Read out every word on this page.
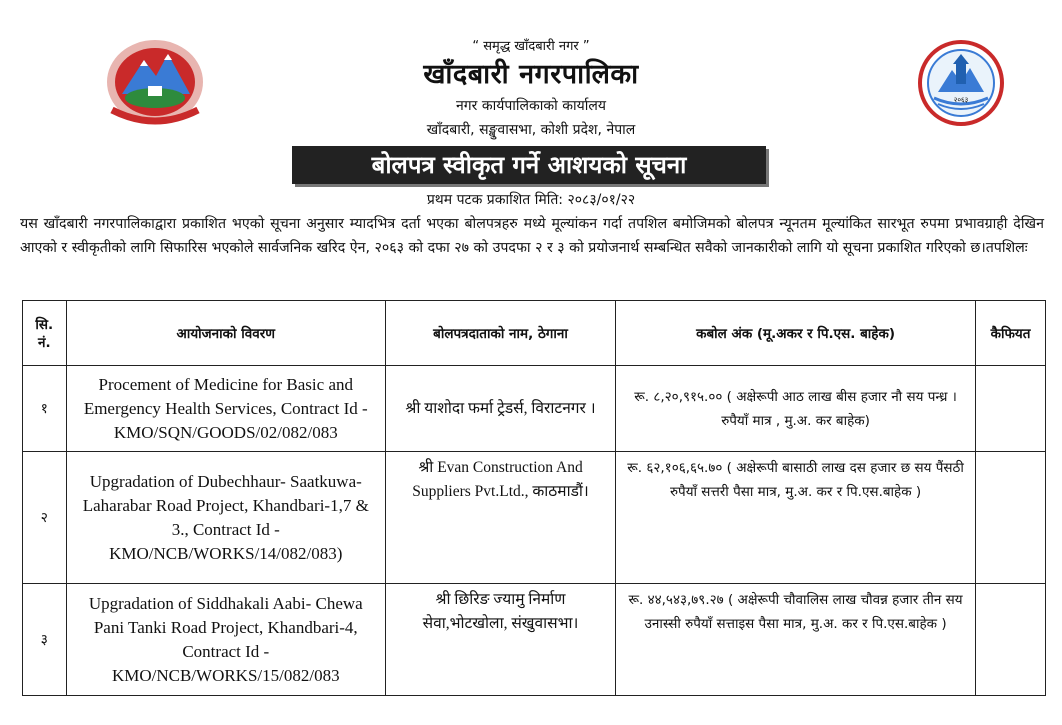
२०६३
“ समृद्ध खाँदबारी नगर ”
खाँदबारी नगरपालिका
नगर कार्यपालिकाको कार्यालय
खाँदबारी, सङ्खुवासभा, कोशी प्रदेश, नेपाल
बोलपत्र स्वीकृत गर्ने आशयको सूचना
प्रथम पटक प्रकाशित मिति: २०८३/०१/२२
यस खाँदबारी नगरपालिकाद्वारा प्रकाशित भएको सूचना अनुसार म्यादभित्र दर्ता भएका बोलपत्रहरु मध्ये मूल्यांकन गर्दा तपशिल बमोजिमको बोलपत्र न्यूनतम मूल्यांकित सारभूत रुपमा प्रभावग्राही देखिन आएको र स्वीकृतीको लागि सिफारिस भएकोले सार्वजनिक खरिद ऐन, २०६३ को दफा २७ को उपदफा २ र ३ को प्रयोजनार्थ सम्बन्धित सवैको जानकारीको लागि यो सूचना प्रकाशित गरिएको छ।तपशिलः
सि. नं.	आयोजनाको विवरण	बोलपत्रदाताको नाम, ठेगाना	कबोल अंक (मू.अकर र पि.एस. बाहेक)	कैफियत
१	Procement of Medicine for Basic and Emergency Health Services, Contract Id - KMO/SQN/GOODS/02/082/083	श्री याशोदा फर्मा ट्रेडर्स, विराटनगर ।	रू. ८,२०,९१५.०० ( अक्षेरूपी आठ लाख बीस हजार नौ सय पन्ध्र । रुपैयाँ मात्र , मु.अ. कर बाहेक)	
२	Upgradation of Dubechhaur- Saatkuwa- Laharabar Road Project, Khandbari-1,7 & 3., Contract Id - KMO/NCB/WORKS/14/082/083)	श्री Evan Construction And Suppliers Pvt.Ltd., काठमाडौं।	रू. ६२,१०६,६५.७० ( अक्षेरूपी बासाठी लाख दस हजार छ सय पैंसठी रुपैयाँ सत्तरी पैसा मात्र, मु.अ. कर र पि.एस.बाहेक )	
३	Upgradation of Siddhakali Aabi- Chewa Pani Tanki Road Project, Khandbari-4, Contract Id - KMO/NCB/WORKS/15/082/083	श्री छिरिङ ज्यामु निर्माण सेवा,भोटखोला, संखुवासभा।	रू. ४४,५४३,७९.२७ ( अक्षेरूपी चौवालिस लाख चौवन्न हजार तीन सय उनास्सी रुपैयाँ सत्ताइस पैसा मात्र, मु.अ. कर र पि.एस.बाहेक )	
